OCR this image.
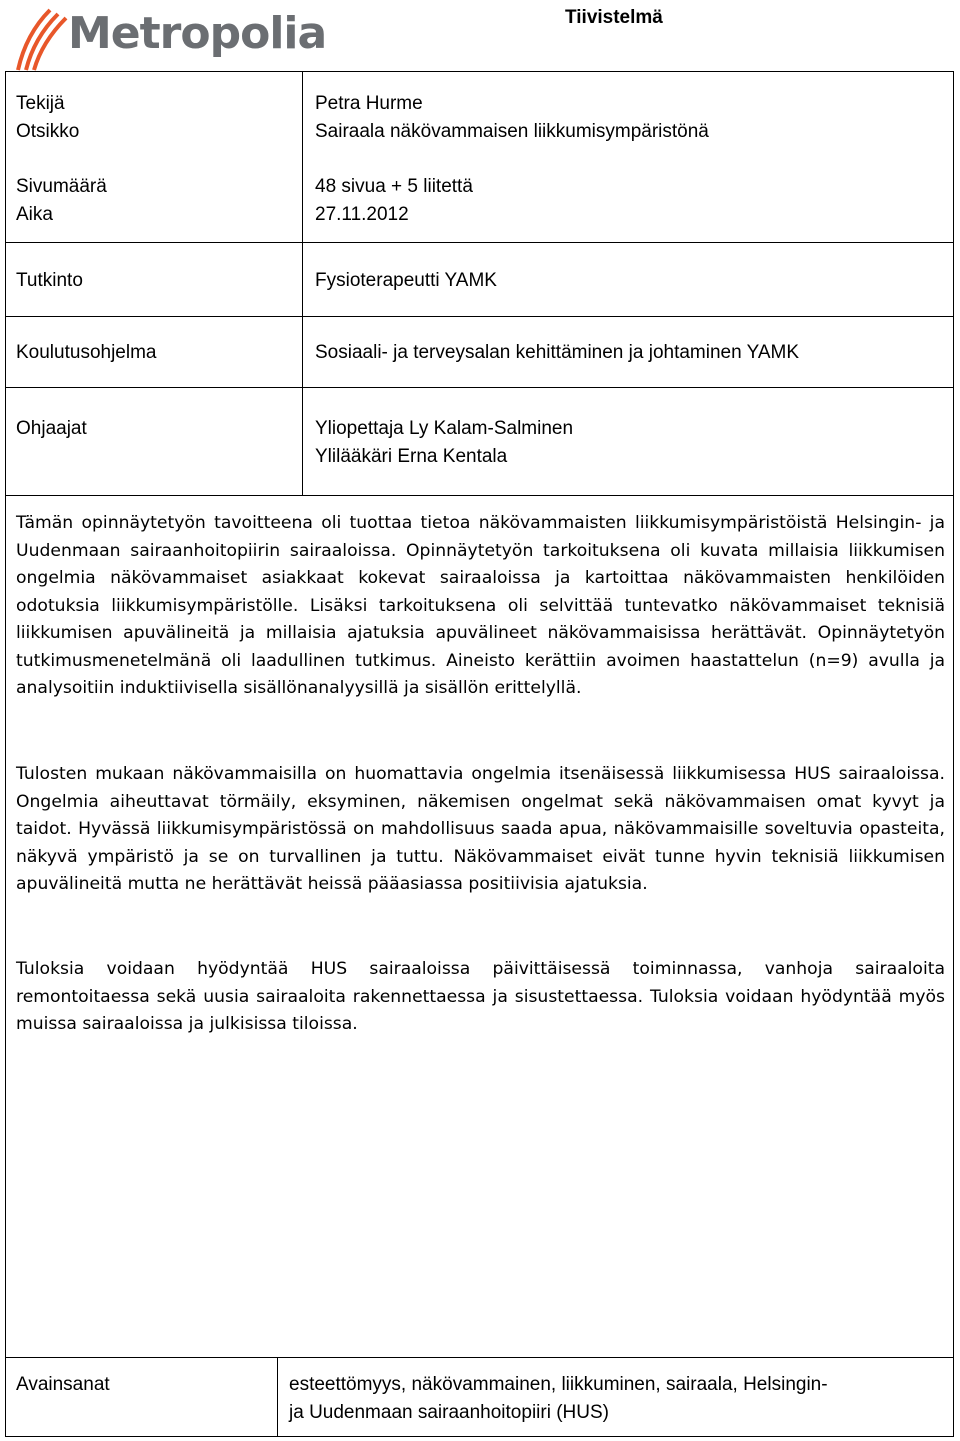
Metropolia	Tiivistelmä
Tekijä
Otsikko
Sivumäärä
Aika
Tutkinto
Koulutusohjelma
Ohjaajat
Petra Hurme
Sairaala näkövammaisen liikkumisympäristönä
48 sivua + 5 liitettä
27.11.2012
Fysioterapeutti YAMK
Sosiaali- ja terveysalan kehittäminen ja johtaminen YAMK
Yliopettaja Ly Kalam-Salminen
Ylilääkäri Erna Kentala

Tämän opinnäytetyön tavoitteena oli tuottaa tietoa näkövammaisten liikkumisympäristöistä Helsingin- ja Uudenmaan sairaanhoitopiirin sairaaloissa. Opinnäytetyön tarkoituksena oli kuvata millaisia liikkumisen ongelmia näkövammaiset asiakkaat kokevat sairaaloissa ja kartoittaa näkövammaisten henkilöiden odotuksia liikkumisympäristölle. Lisäksi tarkoituksena oli selvittää tuntevatko näkövammaiset teknisiä liikkumisen apuvälineitä ja millaisia ajatuksia apuvälineet näkövammaisissa herättävät. Opinnäytetyön tutkimusmenetelmänä oli laadullinen tutkimus. Aineisto kerättiin avoimen haastattelun (n=9) avulla ja analysoitiin induktiivisella sisällönanalyysillä ja sisällön erittelyllä.

Tulosten mukaan näkövammaisilla on huomattavia ongelmia itsenäisessä liikkumisessa HUS sairaaloissa. Ongelmia aiheuttavat törmäily, eksyminen, näkemisen ongelmat sekä näkövammaisen omat kyvyt ja taidot. Hyvässä liikkumisympäristössä on mahdollisuus saada apua, näkövammaisille soveltuvia opasteita, näkyvä ympäristö ja se on turvallinen ja tuttu. Näkövammaiset eivät tunne hyvin teknisiä liikkumisen apuvälineitä mutta ne herättävät heissä pääasiassa positiivisia ajatuksia.

Tuloksia voidaan hyödyntää HUS sairaaloissa päivittäisessä toiminnassa, vanhoja sairaaloita remontoitaessa sekä uusia sairaaloita rakennettaessa ja sisustettaessa. Tuloksia voidaan hyödyntää myös muissa sairaaloissa ja julkisissa tiloissa.

Avainsanat	esteettömyys, näkövammainen, liikkuminen, sairaala, Helsingin-
ja Uudenmaan sairaanhoitopiiri (HUS)
